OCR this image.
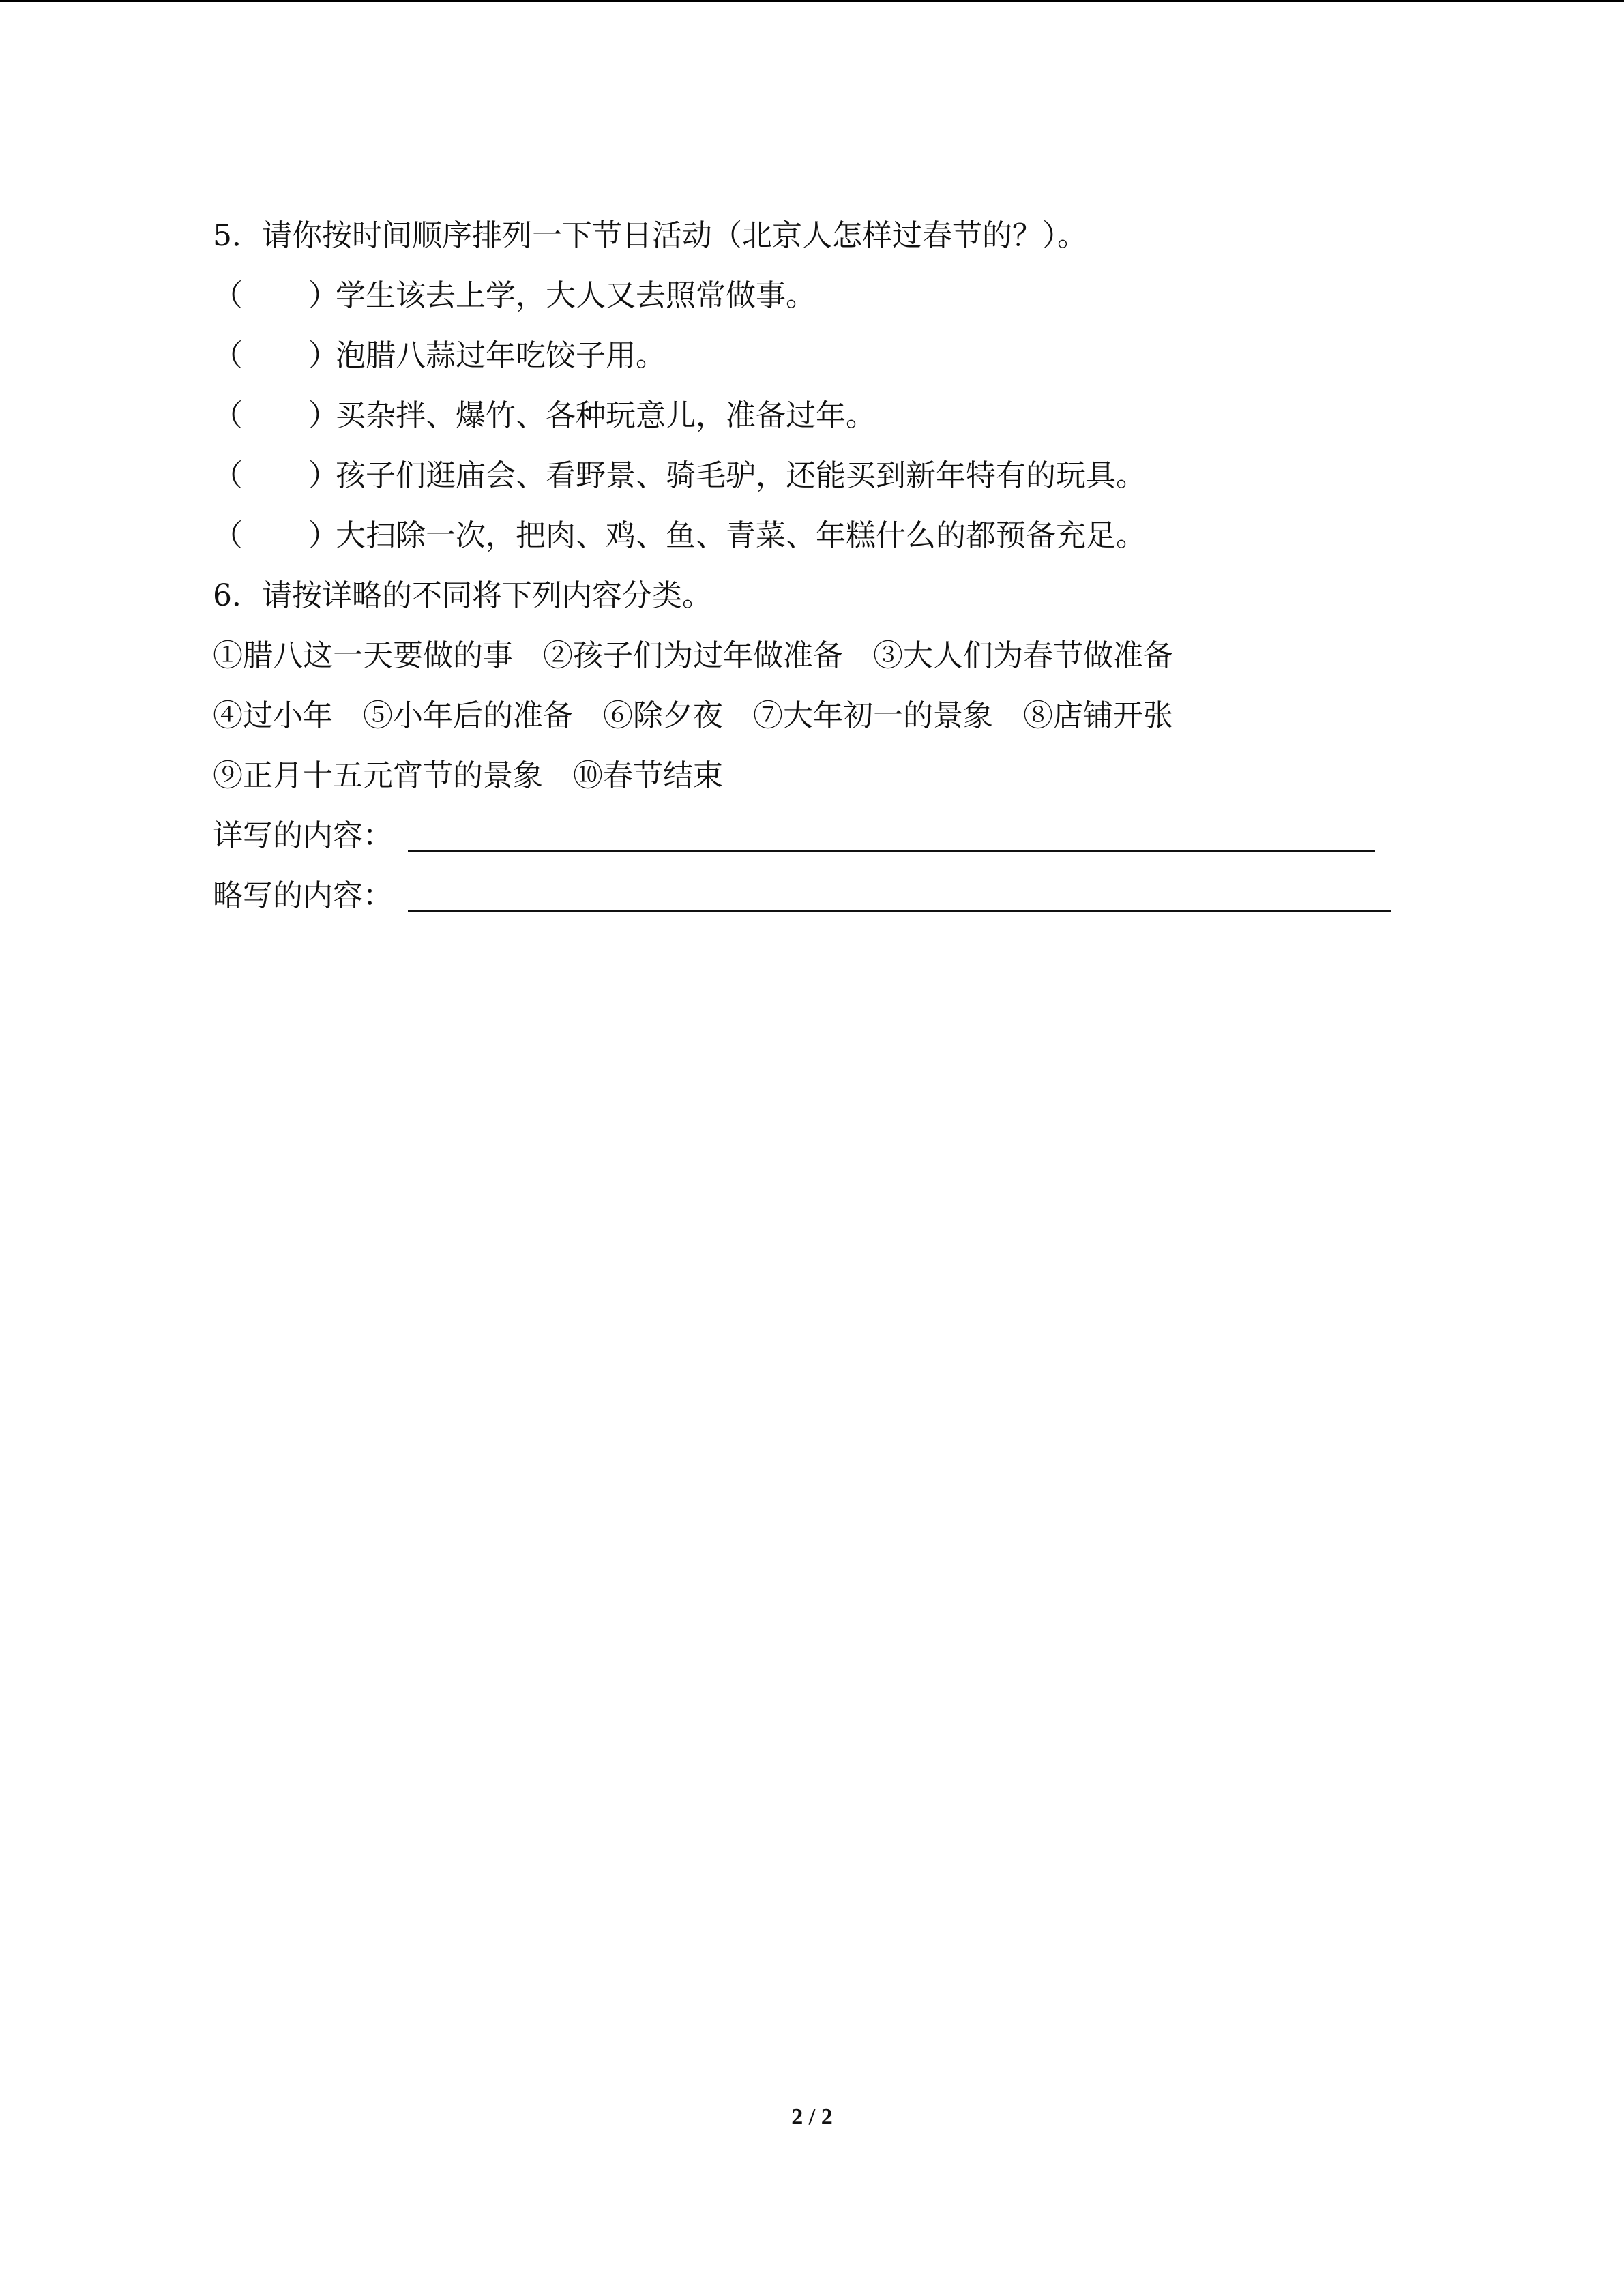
5．请你按时间顺序排列一下节日活动（北京人怎样过春节的？）。
（ ）学生该去上学，大人又去照常做事。
（ ）泡腊八蒜过年吃饺子用。
（ ）买杂拌、爆竹、各种玩意儿，准备过年。
（ ）孩子们逛庙会、看野景、骑毛驴，还能买到新年特有的玩具。
（ ）大扫除一次，把肉、鸡、鱼、青菜、年糕什么的都预备充足。
6．请按详略的不同将下列内容分类。
①腊八这一天要做的事 ②孩子们为过年做准备 ③大人们为春节做准备
④过小年 ⑤小年后的准备 ⑥除夕夜 ⑦大年初一的景象 ⑧店铺开张
⑨正月十五元宵节的景象 ⑩春节结束
详写的内容：
略写的内容：
2 / 2
